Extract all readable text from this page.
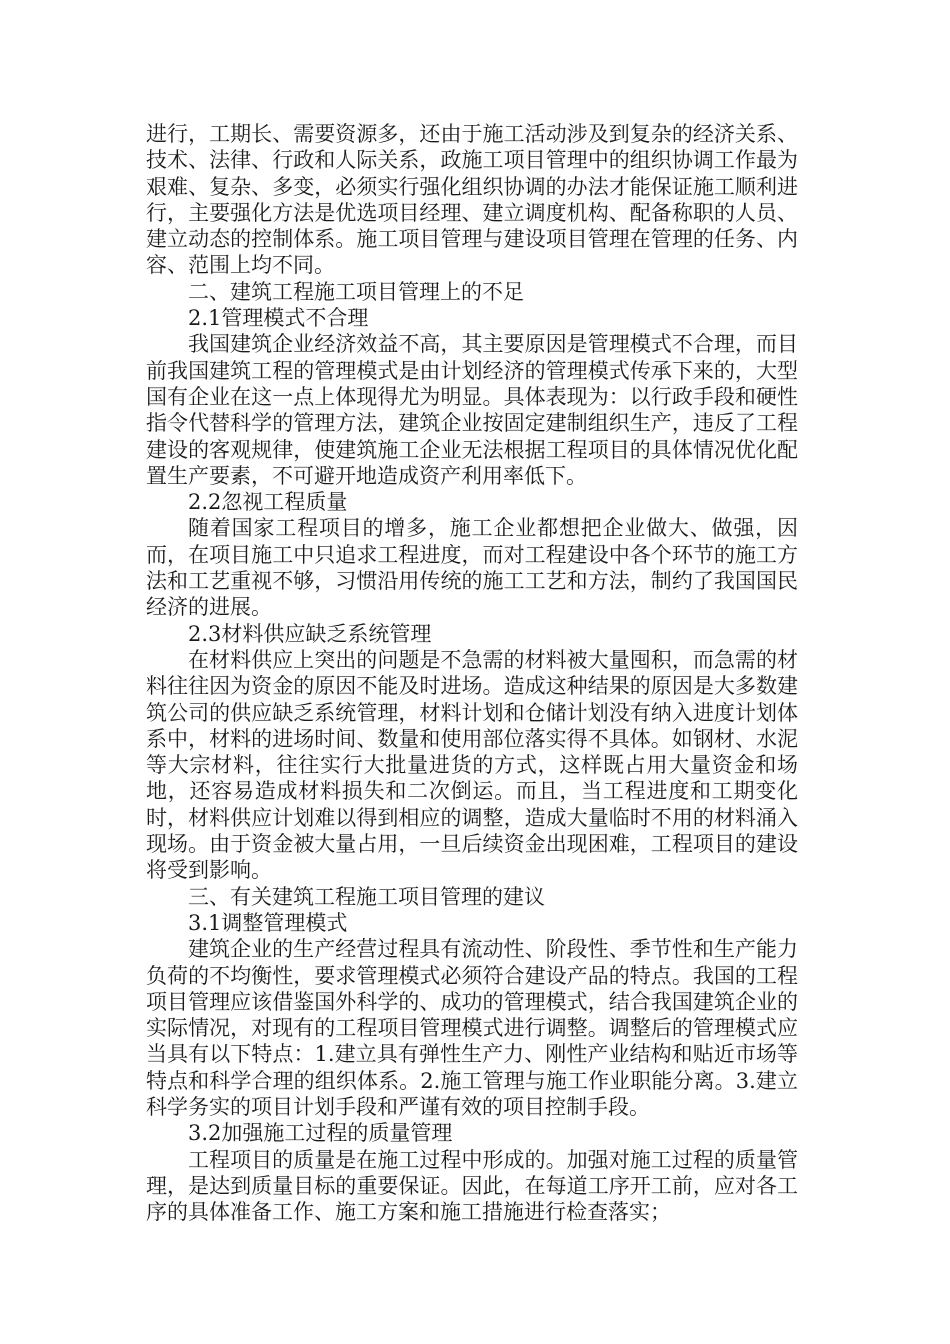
进行，工期长、需要资源多，还由于施工活动涉及到复杂的经济关系、技术、法律、行政和人际关系，政施工项目管理中的组织协调工作最为艰难、复杂、多变，必须实行强化组织协调的办法才能保证施工顺利进行，主要强化方法是优选项目经理、建立调度机构、配备称职的人员、建立动态的控制体系。施工项目管理与建设项目管理在管理的任务、内容、范围上均不同。

二、建筑工程施工项目管理上的不足

2.1管理模式不合理

我国建筑企业经济效益不高，其主要原因是管理模式不合理，而目前我国建筑工程的管理模式是由计划经济的管理模式传承下来的，大型国有企业在这一点上体现得尤为明显。具体表现为：以行政手段和硬性指令代替科学的管理方法，建筑企业按固定建制组织生产，违反了工程建设的客观规律，使建筑施工企业无法根据工程项目的具体情况优化配置生产要素，不可避开地造成资产利用率低下。

2.2忽视工程质量

随着国家工程项目的增多，施工企业都想把企业做大、做强，因而，在项目施工中只追求工程进度，而对工程建设中各个环节的施工方法和工艺重视不够，习惯沿用传统的施工工艺和方法，制约了我国国民经济的进展。

2.3材料供应缺乏系统管理

在材料供应上突出的问题是不急需的材料被大量囤积，而急需的材料往往因为资金的原因不能及时进场。造成这种结果的原因是大多数建筑公司的供应缺乏系统管理，材料计划和仓储计划没有纳入进度计划体系中，材料的进场时间、数量和使用部位落实得不具体。如钢材、水泥等大宗材料，往往实行大批量进货的方式，这样既占用大量资金和场地，还容易造成材料损失和二次倒运。而且，当工程进度和工期变化时，材料供应计划难以得到相应的调整，造成大量临时不用的材料涌入现场。由于资金被大量占用，一旦后续资金出现困难，工程项目的建设将受到影响。

三、有关建筑工程施工项目管理的建议

3.1调整管理模式

建筑企业的生产经营过程具有流动性、阶段性、季节性和生产能力负荷的不均衡性，要求管理模式必须符合建设产品的特点。我国的工程项目管理应该借鉴国外科学的、成功的管理模式，结合我国建筑企业的实际情况，对现有的工程项目管理模式进行调整。调整后的管理模式应当具有以下特点：1.建立具有弹性生产力、刚性产业结构和贴近市场等特点和科学合理的组织体系。2.施工管理与施工作业职能分离。3.建立科学务实的项目计划手段和严谨有效的项目控制手段。

3.2加强施工过程的质量管理

工程项目的质量是在施工过程中形成的。加强对施工过程的质量管理，是达到质量目标的重要保证。因此，在每道工序开工前，应对各工序的具体准备工作、施工方案和施工措施进行检查落实；
